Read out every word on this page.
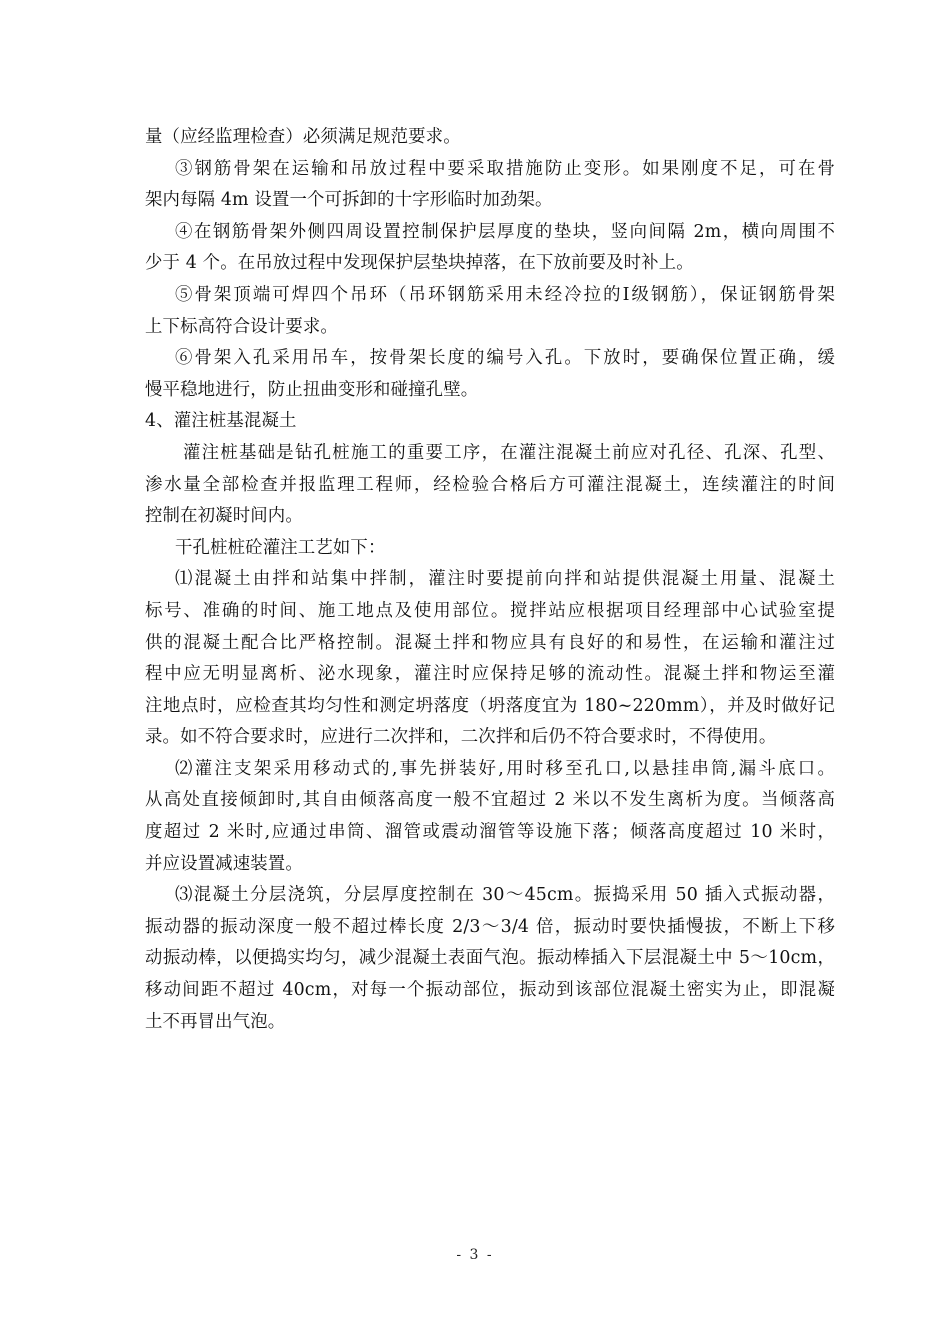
量（应经监理检查）必须满足规范要求。
③钢筋骨架在运输和吊放过程中要采取措施防止变形。如果刚度不足，可在骨
架内每隔 4m 设置一个可拆卸的十字形临时加劲架。
④在钢筋骨架外侧四周设置控制保护层厚度的垫块，竖向间隔 2m，横向周围不
少于 4 个。在吊放过程中发现保护层垫块掉落，在下放前要及时补上。
⑤骨架顶端可焊四个吊环（吊环钢筋采用未经冷拉的Ⅰ级钢筋），保证钢筋骨架
上下标高符合设计要求。
⑥骨架入孔采用吊车，按骨架长度的编号入孔。下放时，要确保位置正确，缓
慢平稳地进行，防止扭曲变形和碰撞孔壁。
4、灌注桩基混凝土
灌注桩基础是钻孔桩施工的重要工序，在灌注混凝土前应对孔径、孔深、孔型、
渗水量全部检查并报监理工程师，经检验合格后方可灌注混凝土，连续灌注的时间
控制在初凝时间内。
干孔桩桩砼灌注工艺如下：
⑴混凝土由拌和站集中拌制，灌注时要提前向拌和站提供混凝土用量、混凝土
标号、准确的时间、施工地点及使用部位。搅拌站应根据项目经理部中心试验室提
供的混凝土配合比严格控制。混凝土拌和物应具有良好的和易性，在运输和灌注过
程中应无明显离析、泌水现象，灌注时应保持足够的流动性。混凝土拌和物运至灌
注地点时，应检查其均匀性和测定坍落度（坍落度宜为 180~220mm），并及时做好记
录。如不符合要求时，应进行二次拌和，二次拌和后仍不符合要求时，不得使用。
⑵灌注支架采用移动式的,事先拼装好,用时移至孔口,以悬挂串筒,漏斗底口。
从高处直接倾卸时,其自由倾落高度一般不宜超过 2 米以不发生离析为度。当倾落高
度超过 2 米时,应通过串筒、溜管或震动溜管等设施下落；倾落高度超过 10 米时，
并应设置减速装置。
⑶混凝土分层浇筑，分层厚度控制在 30～45cm。振捣采用 50 插入式振动器，
振动器的振动深度一般不超过棒长度 2/3～3/4 倍，振动时要快插慢拔，不断上下移
动振动棒，以便捣实均匀，减少混凝土表面气泡。振动棒插入下层混凝土中 5～10cm，
移动间距不超过 40cm，对每一个振动部位，振动到该部位混凝土密实为止，即混凝
土不再冒出气泡。
- 3 -
